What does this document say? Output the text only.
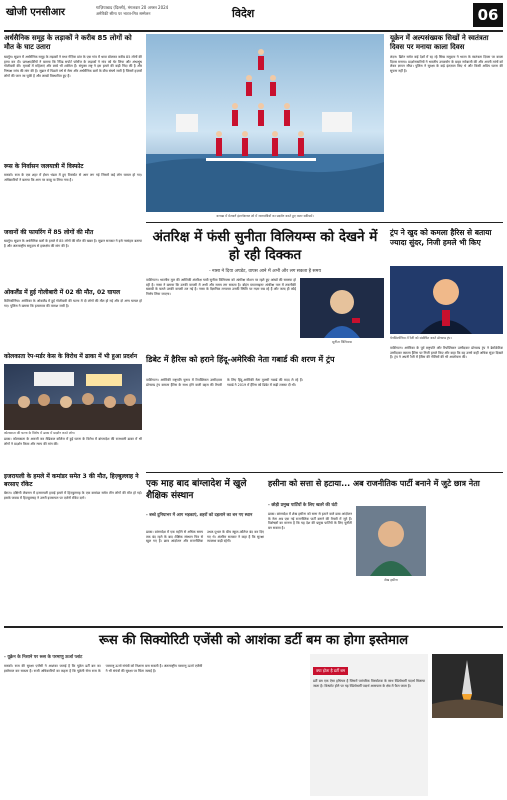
खोजी एनसीआर	गाज़ियाबाद (दिल्ली), मंगलवार 20 अगस्त 2024
अमेरिकी सीमा पर भारत-मित्र सम्मेलन	विदेश	06
अर्धसैनिक समूह के लड़ाकों ने करीब 85 लोगों को मौत के घाट उतारा
खार्तूम। सूडान में अर्धसैनिक समूह के लड़ाकों ने मध्य गेज़िरा प्रांत के एक गांव में धावा बोलकर करीब 85 लोगों की हत्या कर दी। प्रत्यक्षदर्शियों ने बताया कि रैपिड सपोर्ट फोर्सेज के लड़ाकों ने गांव को घेर लिया और अंधाधुंध गोलीबारी की। मृतकों में महिलाएं और बच्चे भी शामिल हैं। संयुक्त राष्ट्र ने इस हमले की कड़ी निंदा की है और निष्पक्ष जांच की मांग की है। सूडान में पिछले वर्ष से सेना और अर्धसैनिक बलों के बीच संघर्ष जारी है जिसमें हज़ारों लोगों की जान जा चुकी है और लाखों विस्थापित हुए हैं।
रूस के निर्वासन जलयात्री में विस्फोट
मास्को। रूस के एक शहर में ईंधन भंडार में हुए विस्फोट से आग लग गई जिसमें कई लोग घायल हो गए। अधिकारियों ने बताया कि आग पर काबू पा लिया गया है।
जवानों की फायरिंग में 85 लोगों की मौत
खार्तूम। सूडान के अर्धसैनिक बलों के हमले में 85 लोगों की मौत की खबर है। सूडान सरकार ने इसे नरसंहार बताया है और अंतरराष्ट्रीय समुदाय से हस्तक्षेप की मांग की है।
ओकलैंड में हुई गोलीबारी में 02 की मौत, 02 घायल
कैलिफोर्निया। अमेरिका के ओकलैंड में हुई गोलीबारी की घटना में दो लोगों की मौत हो गई और दो अन्य घायल हो गए। पुलिस ने बताया कि हमलावर की तलाश जारी है।
कोलकाता रेप-मर्डर केस के विरोध में ढाका में भी हुआ प्रदर्शन
कोलकाता की घटना के विरोध में ढाका में प्रदर्शन करते लोग।
ढाका। कोलकाता के आरजी कर मेडिकल कॉलेज में हुई घटना के विरोध में बांग्लादेश की राजधानी ढाका में भी लोगों ने प्रदर्शन किया और न्याय की मांग की।
इजरायली के हमले में कमांडर समेत 3 की मौत, हिज़्बुल्लाह ने बरसाए रॉकेट
बेरूत। दक्षिणी लेबनान में इजरायली हवाई हमले में हिज़्बुल्लाह के एक कमांडर समेत तीन लोगों की मौत हो गई। इसके जवाब में हिज़्बुल्लाह ने उत्तरी इजरायल पर दर्जनों रॉकेट दागे।
कनाडा में मेलबर्न इंटरनेशनल शो में जलयात्रियों का प्रदर्शन करते हुए वाटर स्कीयर्स।
यूक्रेन में अल्पसंख्यक सिखों ने स्वतंत्रता दिवस पर मनाया काला दिवस
लंदन। ब्रिटेन समेत कई देशों में रह रहे सिख समुदाय ने भारत के स्वतंत्रता दिवस पर काला दिवस मनाया। प्रदर्शनकारियों ने भारतीय उच्चायोग के बाहर नारेबाजी की और अपनी मांगों को लेकर ज्ञापन सौंपा। पुलिस ने सुरक्षा के कड़े इंतज़ाम किए थे और किसी अप्रिय घटना की सूचना नहीं है।
अंतरिक्ष में फंसी सुनीता विलियम्स को देखने में हो रही दिक्कत
- नासा ने दिया अपडेट, वापस आने में अभी और लग सकता है समय
वाशिंगटन। भारतीय मूल की अमेरिकी अंतरिक्ष यात्री सुनीता विलियम्स को अंतरिक्ष स्टेशन पर रहते हुए आंखों की समस्या हो रही है। नासा ने बताया कि उनकी वापसी में अभी और समय लग सकता है। बोइंग स्टारलाइनर अंतरिक्ष यान में तकनीकी खराबी के चलते उनकी वापसी टल गई है। नासा के वैज्ञानिक लगातार उनकी स्थिति पर नज़र रख रहे हैं और जल्द ही कोई निर्णय लिया जाएगा।
सुनीता विलियम्स
ट्रंप ने खुद को कमला हैरिस से बताया ज्यादा सुंदर, निजी हमले भी किए
पेनसिल्वेनिया में रैली को संबोधित करते डोनाल्ड ट्रंप।
वाशिंगटन। अमेरिका के पूर्व राष्ट्रपति और रिपब्लिकन उम्मीदवार डोनाल्ड ट्रंप ने डेमोक्रेटिक उम्मीदवार कमला हैरिस पर निजी हमले किए और कहा कि वह उनसे कहीं अधिक सुंदर दिखते हैं। ट्रंप ने अपनी रैली में हैरिस की नीतियों की भी आलोचना की।
डिबेट में हैरिस को हराने हिंदू-अमेरिकी नेता गबार्ड की शरण में ट्रंप
वाशिंगटन। अमेरिकी राष्ट्रपति चुनाव में रिपब्लिकन उम्मीदवार डोनाल्ड ट्रंप कमला हैरिस के साथ होने वाली बहस की तैयारी के लिए हिंदू-अमेरिकी नेता तुलसी गबार्ड की मदद ले रहे हैं। गबार्ड ने 2019 में हैरिस को डिबेट में कड़ी टक्कर दी थी।
एक माह बाद बांग्लादेश में खुले शैक्षिक संस्थान
- बच्चे दुनियाभर में आग भड़काएं, शहरों को दहलाने का बन गए स्थान
ढाका। बांग्लादेश में एक महीने से अधिक समय तक बंद रहने के बाद शैक्षिक संस्थान फिर से खुल गए हैं। छात्र आंदोलन और राजनीतिक उथल-पुथल के बीच स्कूल-कॉलेज बंद कर दिए गए थे। अंतरिम सरकार ने कहा है कि सुरक्षा व्यवस्था कड़ी रहेगी।
हसीना को सत्ता से हटाया... अब राजनीतिक पार्टी बनाने में जुटे छात्र नेता
- छोड़ी प्रमुख पार्टियों के लिए खतरे की घंटी
ढाका। बांग्लादेश में शेख हसीना को सत्ता से हटाने वाले छात्र आंदोलन के नेता अब एक नई राजनीतिक पार्टी बनाने की तैयारी में जुटे हैं। विशेषज्ञों का मानना है कि यह देश की प्रमुख पार्टियों के लिए चुनौती बन सकता है।
शेख हसीना
रूस की सिक्योरिटी एजेंसी को आशंका डर्टी बम का होगा इस्तेमाल
- यूक्रेन के निशाने पर रूस के परमाणु ऊर्जा प्लांट
मास्को। रूस की सुरक्षा एजेंसी ने आशंका जताई है कि यूक्रेन डर्टी बम का इस्तेमाल कर सकता है। रूसी अधिकारियों का कहना है कि यूक्रेनी सेना रूस के परमाणु ऊर्जा संयंत्रों को निशाना बना सकती है। अंतरराष्ट्रीय परमाणु ऊर्जा एजेंसी ने भी संयंत्रों की सुरक्षा पर चिंता जताई है।	क्या होता है डर्टी बम
डर्टी बम एक ऐसा हथियार है जिसमें पारंपरिक विस्फोटक के साथ रेडियोधर्मी पदार्थ मिलाया जाता है। विस्फोट होने पर यह रेडियोधर्मी पदार्थ आसपास के क्षेत्र में फैल जाता है।
